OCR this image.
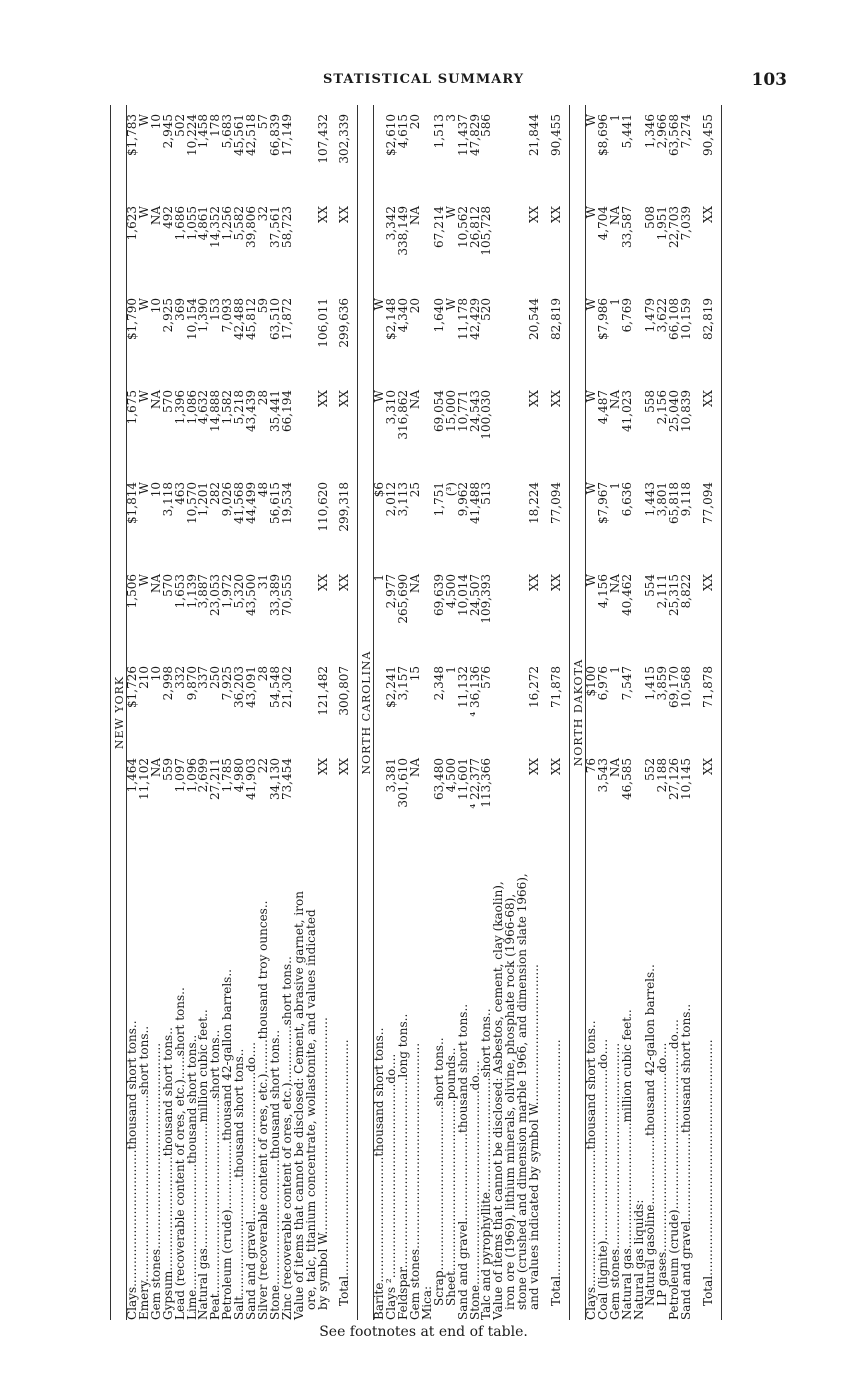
STATISTICAL SUMMARY	103
NEW YORK
Clays....................................thousand short tons..
1,464
$1,726
1,506
$1,814
1,675
$1,790
1,623
$1,783
Emery.................................................short tons..
11,102
210
W
W
W
W
W
W
Gem stones......................................................
NA
10
NA
10
NA
10
NA
10
Gypsum..............................thousand short tons..
559
2,998
570
3,118
570
2,925
492
2,945
Lead (recoverable content of ores, etc.)......short tons..
1,097
332
1,653
463
1,396
369
1,686
502
Lime.................................thousand short tons..
1,096
9,870
1,139
10,570
1,086
10,154
1,055
10,224
Natural gas.................................million cubic feet..
2,699
337
3,887
1,201
4,632
1,390
4,861
1,458
Peat...................................................short tons..
27,211
250
23,053
282
14,888
153
14,352
178
Petroleum (crude)..................thousand 42-gallon barrels..
1,785
7,925
1,972
9,026
1,582
7,093
1,256
5,683
Salt...............................thousand short tons..
4,980
36,203
5,320
41,568
5,218
42,488
5,582
45,561
Sand and gravel.......................................do....
41,903
43,091
43,500
44,499
43,439
45,812
39,806
42,518
Silver (recoverable content of ores, etc.).........thousand troy ounces..
22
28
31
48
28
59
32
57
Stone.................................thousand short tons..
34,130
54,548
33,389
56,615
35,441
63,510
37,561
66,839
Zinc (recoverable content of ores, etc.)...............short tons..
73,454
21,302
70,555
19,534
66,194
17,872
58,723
17,149
Value of items that cannot be disclosed: Cement, abrasive garnet, iron
ore, talc, titanium concentrate, wollastonite, and values indicated
by symbol W.........................................................
XX
121,482
XX
110,620
XX
106,011
XX
107,432
Total..............................................................
XX
300,807
XX
299,318
XX
299,636
XX
302,339
NORTH CAROLINA
Barite.................................thousand short tons..
1
$6
W
W
Clays ²...................................................do....
3,381
$2,241
2,977
2,012
3,310
$2,148
3,342
$2,610
Feldspar..................................................long tons..
301,610
3,157
265,690
3,113
316,862
4,340
338,149
4,615
Gem stones......................................................
NA
15
NA
25
NA
20
NA
20
Mica:
Scrap...........................................short tons..
63,480
2,348
69,639
1,751
69,054
1,640
67,214
1,513
Sheet.............................................pounds..
4,500
1
4,500
(³)
15,000
W
W
3
Sand and gravel.......................thousand short tons..
11,601
11,132
10,014
9,962
10,771
11,178
10,562
11,437
Stone...................................................do....
⁴ 22,377
⁴ 36,136
24,507
41,488
24,543
42,429
26,812
47,829
Talc and pyrophyllite..............................short tons..
113,366
576
109,393
513
100,030
520
105,728
586
Value of items that cannot be disclosed: Asbestos, cement, clay (kaolin),
iron ore (1969), lithium minerals, olivine, phosphate rock (1966-68),
stone (crushed and dimension marble 1966, and dimension slate 1966),
and values indicated by symbol W.....................................
XX
16,272
XX
18,224
XX
20,544
XX
21,844
Total..............................................................
XX
71,878
XX
77,094
XX
82,819
XX
90,455
NORTH DAKOTA
Clays....................................thousand short tons..
76
$100
W
W
W
W
W
W
Coal (lignite).............................................do....
3,543
6,976
4,156
$7,967
4,487
$7,986
4,704
$8,696
Gem stones......................................................
NA
1
NA
1
NA
1
NA
1
Natural gas.................................million cubic feet..
46,585
7,547
40,462
6,636
41,023
6,769
33,587
5,441
Natural gas liquids:
Natural gasoline..................thousand 42-gallon barrels..
552
1,415
554
1,443
558
1,479
508
1,346
LP gases...............................................do....
2,188
3,859
2,111
3,801
2,156
3,622
1,951
2,966
Petroleum (crude)..........................................do....
27,126
69,170
25,315
65,818
25,040
66,108
22,703
63,568
Sand and gravel.......................thousand short tons..
10,145
10,568
8,822
9,118
10,839
10,159
7,039
7,274
Total..............................................................
XX
71,878
XX
77,094
XX
82,819
XX
90,455
See footnotes at end of table.
